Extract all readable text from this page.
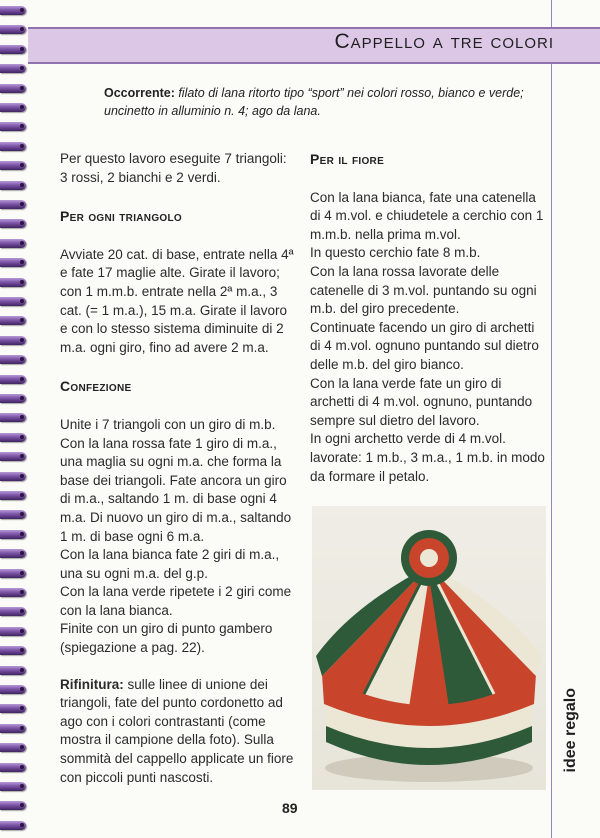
Cappello a tre colori
Occorrente: filato di lana ritorto tipo “sport” nei colori rosso, bianco e verde; uncinetto in alluminio n. 4; ago da lana.

Per questo lavoro eseguite 7 triangoli: 3 rossi, 2 bianchi e 2 verdi.

Per ogni triangolo

Avviate 20 cat. di base, entrate nella 4ª e fate 17 maglie alte. Girate il lavoro; con 1 m.m.b. entrate nella 2ª m.a., 3 cat. (= 1 m.a.), 15 m.a. Girate il lavoro e con lo stesso sistema diminuite di 2 m.a. ogni giro, fino ad avere 2 m.a.

Confezione

Unite i 7 triangoli con un giro di m.b.

Con la lana rossa fate 1 giro di m.a., una maglia su ogni m.a. che forma la base dei triangoli. Fate ancora un giro di m.a., saltando 1 m. di base ogni 4 m.a. Di nuovo un giro di m.a., saltando 1 m. di base ogni 6 m.a.

Con la lana bianca fate 2 giri di m.a., una su ogni m.a. del g.p.

Con la lana verde ripetete i 2 giri come con la lana bianca.

Finite con un giro di punto gambero (spiegazione a pag. 22).

Rifinitura: sulle linee di unione dei triangoli, fate del punto cordonetto ad ago con i colori contrastanti (come mostra il campione della foto). Sulla sommità del cappello applicate un fiore con piccoli punti nascosti.

Per il fiore

Con la lana bianca, fate una catenella di 4 m.vol. e chiudetele a cerchio con 1 m.m.b. nella prima m.vol.

In questo cerchio fate 8 m.b.

Con la lana rossa lavorate delle catenelle di 3 m.vol. puntando su ogni m.b. del giro precedente.

Continuate facendo un giro di archetti di 4 m.vol. ognuno puntando sul dietro delle m.b. del giro bianco.

Con la lana verde fate un giro di archetti di 4 m.vol. ognuno, puntando sempre sul dietro del lavoro.

In ogni archetto verde di 4 m.vol. lavorate: 1 m.b., 3 m.a., 1 m.b. in modo da formare il petalo.

idee regalo
89
